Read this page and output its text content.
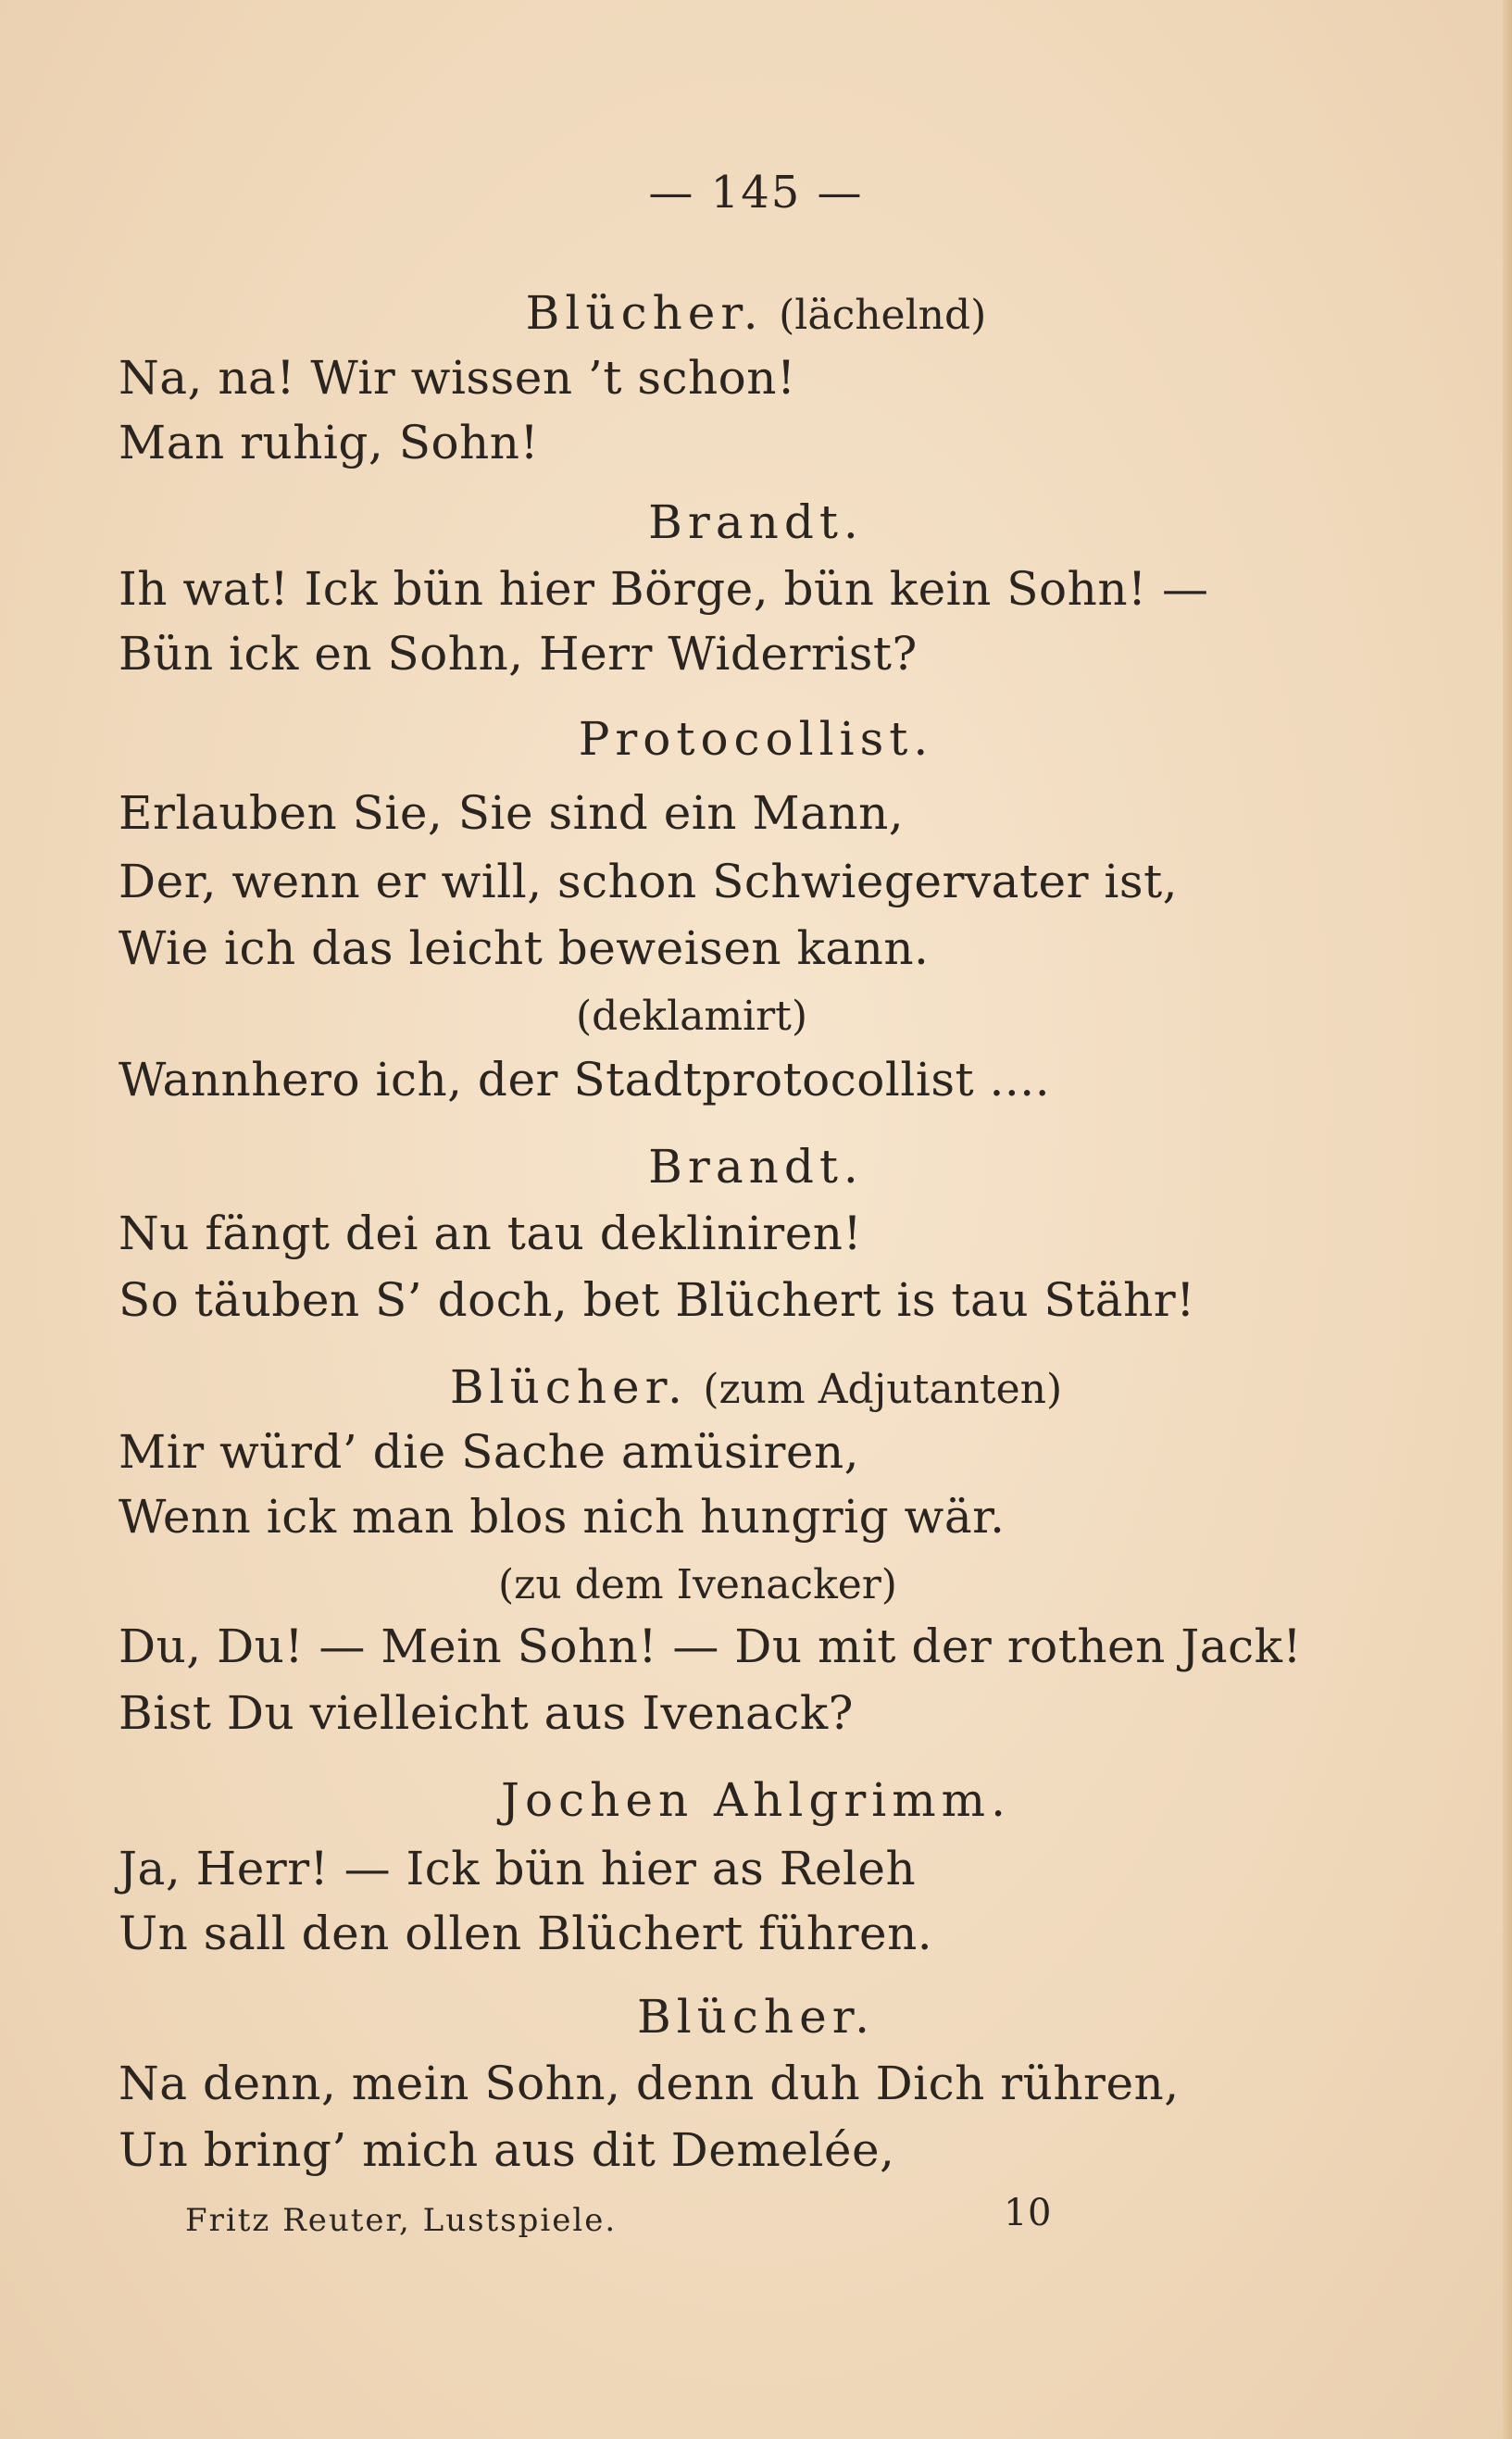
— 145 —
Blücher. (lächelnd)
Na, na! Wir wissen ’t schon!
Man ruhig, Sohn!
Brandt.
Ih wat! Ick bün hier Börge, bün kein Sohn! —
Bün ick en Sohn, Herr Widerrist?
Protocollist.
Erlauben Sie, Sie sind ein Mann,
Der, wenn er will, schon Schwiegervater ist,
Wie ich das leicht beweisen kann.
(deklamirt)
Wannhero ich, der Stadtprotocollist ....
Brandt.
Nu fängt dei an tau dekliniren!
So täuben S’ doch, bet Blüchert is tau Stähr!
Blücher. (zum Adjutanten)
Mir würd’ die Sache amüsiren,
Wenn ick man blos nich hungrig wär.
(zu dem Ivenacker)
Du, Du! — Mein Sohn! — Du mit der rothen Jack!
Bist Du vielleicht aus Ivenack?
Jochen Ahlgrimm.
Ja, Herr! — Ick bün hier as Releh
Un sall den ollen Blüchert führen.
Blücher.
Na denn, mein Sohn, denn duh Dich rühren,
Un bring’ mich aus dit Demelée,
Fritz Reuter, Lustspiele.	10
